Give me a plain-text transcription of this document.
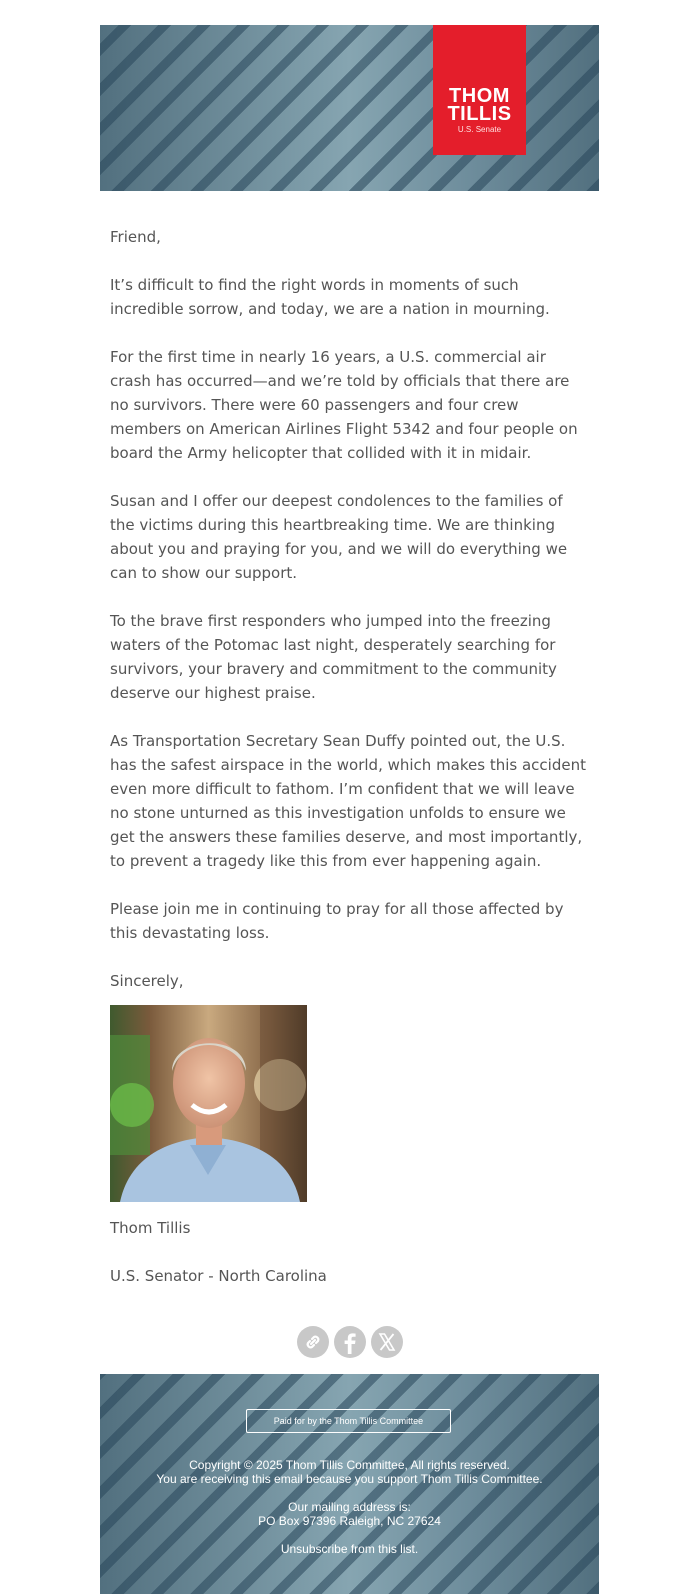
THOM
TILLIS
U.S. Senate

Friend,

It’s difficult to find the right words in moments of such incredible sorrow, and today, we are a nation in mourning.

For the first time in nearly 16 years, a U.S. commercial air crash has occurred—and we’re told by officials that there are no survivors. There were 60 passengers and four crew members on American Airlines Flight 5342 and four people on board the Army helicopter that collided with it in midair.

Susan and I offer our deepest condolences to the families of the victims during this heartbreaking time. We are thinking about you and praying for you, and we will do everything we can to show our support.

To the brave first responders who jumped into the freezing waters of the Potomac last night, desperately searching for survivors, your bravery and commitment to the community deserve our highest praise.

As Transportation Secretary Sean Duffy pointed out, the U.S. has the safest airspace in the world, which makes this accident even more difficult to fathom. I’m confident that we will leave no stone unturned as this investigation unfolds to ensure we get the answers these families deserve, and most importantly, to prevent a tragedy like this from ever happening again.

Please join me in continuing to pray for all those affected by this devastating loss.

Sincerely,

Thom Tillis

U.S. Senator - North Carolina

Paid for by the Thom Tillis Committee
Copyright © 2025 Thom Tillis Committee, All rights reserved.
You are receiving this email because you support Thom Tillis Committee.
Our mailing address is:
PO Box 97396 Raleigh, NC 27624
Unsubscribe from this list.
